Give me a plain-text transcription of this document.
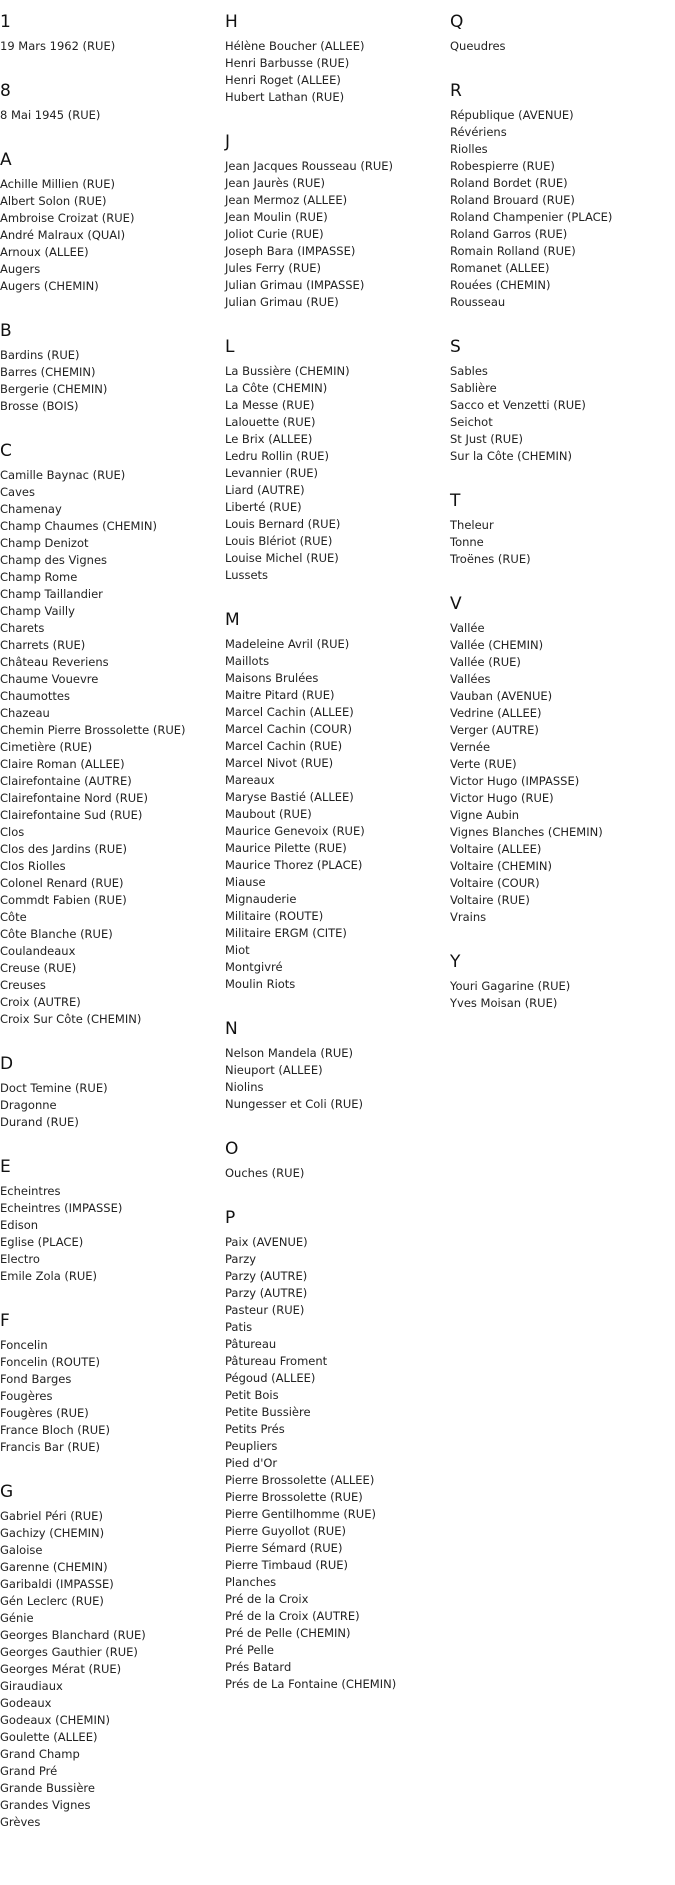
1
19 Mars 1962 (RUE)
8
8 Mai 1945 (RUE)
A
Achille Millien (RUE)
Albert Solon (RUE)
Ambroise Croizat (RUE)
André Malraux (QUAI)
Arnoux (ALLEE)
Augers
Augers (CHEMIN)
B
Bardins (RUE)
Barres (CHEMIN)
Bergerie (CHEMIN)
Brosse (BOIS)
C
Camille Baynac (RUE)
Caves
Chamenay
Champ Chaumes (CHEMIN)
Champ Denizot
Champ des Vignes
Champ Rome
Champ Taillandier
Champ Vailly
Charets
Charrets (RUE)
Château Reveriens
Chaume Vouevre
Chaumottes
Chazeau
Chemin Pierre Brossolette (RUE)
Cimetière (RUE)
Claire Roman (ALLEE)
Clairefontaine (AUTRE)
Clairefontaine Nord (RUE)
Clairefontaine Sud (RUE)
Clos
Clos des Jardins (RUE)
Clos Riolles
Colonel Renard (RUE)
Commdt Fabien (RUE)
Côte
Côte Blanche (RUE)
Coulandeaux
Creuse (RUE)
Creuses
Croix (AUTRE)
Croix Sur Côte (CHEMIN)
D
Doct Temine (RUE)
Dragonne
Durand (RUE)
E
Echeintres
Echeintres (IMPASSE)
Edison
Eglise (PLACE)
Electro
Emile Zola (RUE)
F
Foncelin
Foncelin (ROUTE)
Fond Barges
Fougères
Fougères (RUE)
France Bloch (RUE)
Francis Bar (RUE)
G
Gabriel Péri (RUE)
Gachizy (CHEMIN)
Galoise
Garenne (CHEMIN)
Garibaldi (IMPASSE)
Gén Leclerc (RUE)
Génie
Georges Blanchard (RUE)
Georges Gauthier (RUE)
Georges Mérat (RUE)
Giraudiaux
Godeaux
Godeaux (CHEMIN)
Goulette (ALLEE)
Grand Champ
Grand Pré
Grande Bussière
Grandes Vignes
Grèves
H
Hélène Boucher (ALLEE)
Henri Barbusse (RUE)
Henri Roget (ALLEE)
Hubert Lathan (RUE)
J
Jean Jacques Rousseau (RUE)
Jean Jaurès (RUE)
Jean Mermoz (ALLEE)
Jean Moulin (RUE)
Joliot Curie (RUE)
Joseph Bara (IMPASSE)
Jules Ferry (RUE)
Julian Grimau (IMPASSE)
Julian Grimau (RUE)
L
La Bussière (CHEMIN)
La Côte (CHEMIN)
La Messe (RUE)
Lalouette (RUE)
Le Brix (ALLEE)
Ledru Rollin (RUE)
Levannier (RUE)
Liard (AUTRE)
Liberté (RUE)
Louis Bernard (RUE)
Louis Blériot (RUE)
Louise Michel (RUE)
Lussets
M
Madeleine Avril (RUE)
Maillots
Maisons Brulées
Maitre Pitard (RUE)
Marcel Cachin (ALLEE)
Marcel Cachin (COUR)
Marcel Cachin (RUE)
Marcel Nivot (RUE)
Mareaux
Maryse Bastié (ALLEE)
Maubout (RUE)
Maurice Genevoix (RUE)
Maurice Pilette (RUE)
Maurice Thorez (PLACE)
Miause
Mignauderie
Militaire (ROUTE)
Militaire ERGM (CITE)
Miot
Montgivré
Moulin Riots
N
Nelson Mandela (RUE)
Nieuport (ALLEE)
Niolins
Nungesser et Coli (RUE)
O
Ouches (RUE)
P
Paix (AVENUE)
Parzy
Parzy (AUTRE)
Parzy (AUTRE)
Pasteur (RUE)
Patis
Pâtureau
Pâtureau Froment
Pégoud (ALLEE)
Petit Bois
Petite Bussière
Petits Prés
Peupliers
Pied d'Or
Pierre Brossolette (ALLEE)
Pierre Brossolette (RUE)
Pierre Gentilhomme (RUE)
Pierre Guyollot (RUE)
Pierre Sémard (RUE)
Pierre Timbaud (RUE)
Planches
Pré de la Croix
Pré de la Croix (AUTRE)
Pré de Pelle (CHEMIN)
Pré Pelle
Prés Batard
Prés de La Fontaine (CHEMIN)
Q
Queudres
R
République (AVENUE)
Révériens
Riolles
Robespierre (RUE)
Roland Bordet (RUE)
Roland Brouard (RUE)
Roland Champenier (PLACE)
Roland Garros (RUE)
Romain Rolland (RUE)
Romanet (ALLEE)
Rouées (CHEMIN)
Rousseau
S
Sables
Sablière
Sacco et Venzetti (RUE)
Seichot
St Just (RUE)
Sur la Côte (CHEMIN)
T
Theleur
Tonne
Troënes (RUE)
V
Vallée
Vallée (CHEMIN)
Vallée (RUE)
Vallées
Vauban (AVENUE)
Vedrine (ALLEE)
Verger (AUTRE)
Vernée
Verte (RUE)
Victor Hugo (IMPASSE)
Victor Hugo (RUE)
Vigne Aubin
Vignes Blanches (CHEMIN)
Voltaire (ALLEE)
Voltaire (CHEMIN)
Voltaire (COUR)
Voltaire (RUE)
Vrains
Y
Youri Gagarine (RUE)
Yves Moisan (RUE)
